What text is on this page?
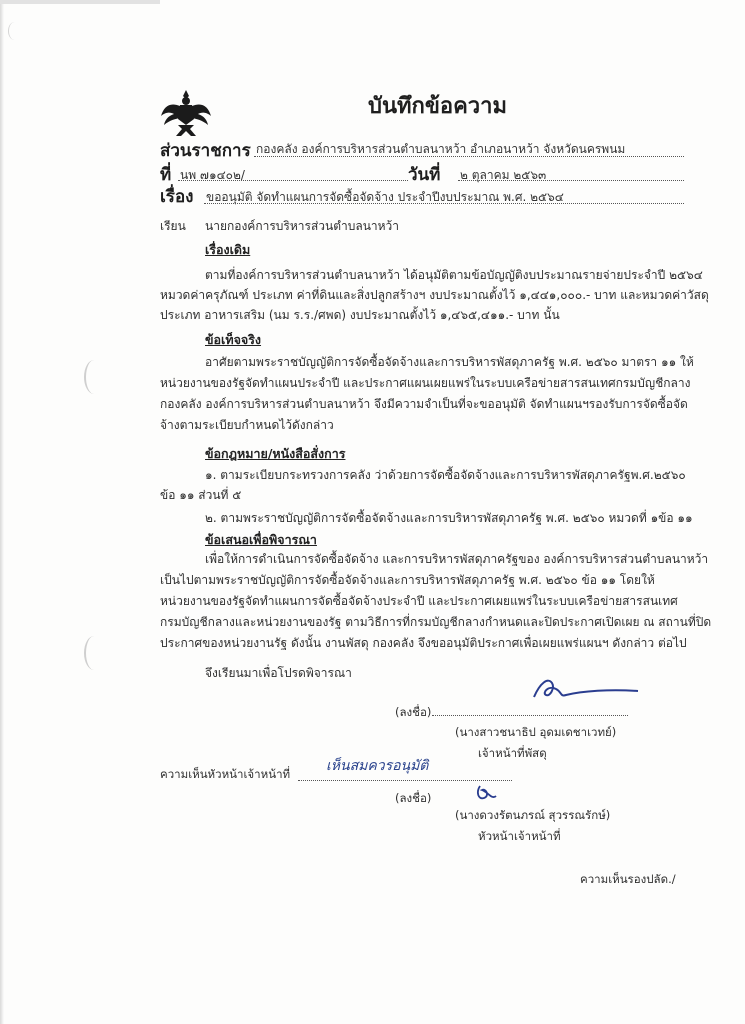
บันทึกข้อความ
ส่วนราชการ กองคลัง องค์การบริหารส่วนตำบลนาหว้า อำเภอนาหว้า จังหวัดนครพนม
ที่ นพ ๗๑๔๐๒/	วันที่ ๒ ตุลาคม ๒๕๖๓
เรื่อง ขออนุมัติ จัดทำแผนการจัดซื้อจัดจ้าง ประจำปีงบประมาณ พ.ศ. ๒๕๖๔
เรียน นายกองค์การบริหารส่วนตำบลนาหว้า
เรื่องเดิม
ตามที่องค์การบริหารส่วนตำบลนาหว้า ได้อนุมัติตามข้อบัญญัติงบประมาณรายจ่ายประจำปี ๒๕๖๔
หมวดค่าครุภัณฑ์ ประเภท ค่าที่ดินและสิ่งปลูกสร้างฯ งบประมาณตั้งไว้ ๑,๔๔๑,๐๐๐.- บาท และหมวดค่าวัสดุ
ประเภท อาหารเสริม (นม ร.ร./ศพด) งบประมาณตั้งไว้ ๑,๔๖๕,๔๑๑.- บาท นั้น
ข้อเท็จจริง
อาศัยตามพระราชบัญญัติการจัดซื้อจัดจ้างและการบริหารพัสดุภาครัฐ พ.ศ. ๒๕๖๐ มาตรา ๑๑ ให้
หน่วยงานของรัฐจัดทำแผนประจำปี และประกาศแผนเผยแพร่ในระบบเครือข่ายสารสนเทศกรมบัญชีกลาง
กองคลัง องค์การบริหารส่วนตำบลนาหว้า จึงมีความจำเป็นที่จะขออนุมัติ จัดทำแผนฯรองรับการจัดซื้อจัด
จ้างตามระเบียบกำหนดไว้ดังกล่าว
ข้อกฎหมาย/หนังสือสั่งการ
๑. ตามระเบียบกระทรวงการคลัง ว่าด้วยการจัดซื้อจัดจ้างและการบริหารพัสดุภาครัฐพ.ศ.๒๕๖๐
ข้อ ๑๑ ส่วนที่ ๕
๒. ตามพระราชบัญญัติการจัดซื้อจัดจ้างและการบริหารพัสดุภาครัฐ พ.ศ. ๒๕๖๐ หมวดที่ ๑ข้อ ๑๑
ข้อเสนอเพื่อพิจารณา
เพื่อให้การดำเนินการจัดซื้อจัดจ้าง และการบริหารพัสดุภาครัฐของ องค์การบริหารส่วนตำบลนาหว้า
เป็นไปตามพระราชบัญญัติการจัดซื้อจัดจ้างและการบริหารพัสดุภาครัฐ พ.ศ. ๒๕๖๐ ข้อ ๑๑ โดยให้
หน่วยงานของรัฐจัดทำแผนการจัดซื้อจัดจ้างประจำปี และประกาศเผยแพร่ในระบบเครือข่ายสารสนเทศ
กรมบัญชีกลางและหน่วยงานของรัฐ ตามวิธีการที่กรมบัญชีกลางกำหนดและปิดประกาศเปิดเผย ณ สถานที่ปิด
ประกาศของหน่วยงานรัฐ ดังนั้น งานพัสดุ กองคลัง จึงขออนุมัติประกาศเพื่อเผยแพร่แผนฯ ดังกล่าว ต่อไป
จึงเรียนมาเพื่อโปรดพิจารณา
(ลงชื่อ)
(นางสาวชนาธิป อุดมเดชาเวทย์)
เจ้าหน้าที่พัสดุ
ความเห็นหัวหน้าเจ้าหน้าที่	เห็นสมควรอนุมัติ
(ลงชื่อ)
(นางดวงรัตนภรณ์ สุวรรณรักษ์)
หัวหน้าเจ้าหน้าที่
ความเห็นรองปลัด./
